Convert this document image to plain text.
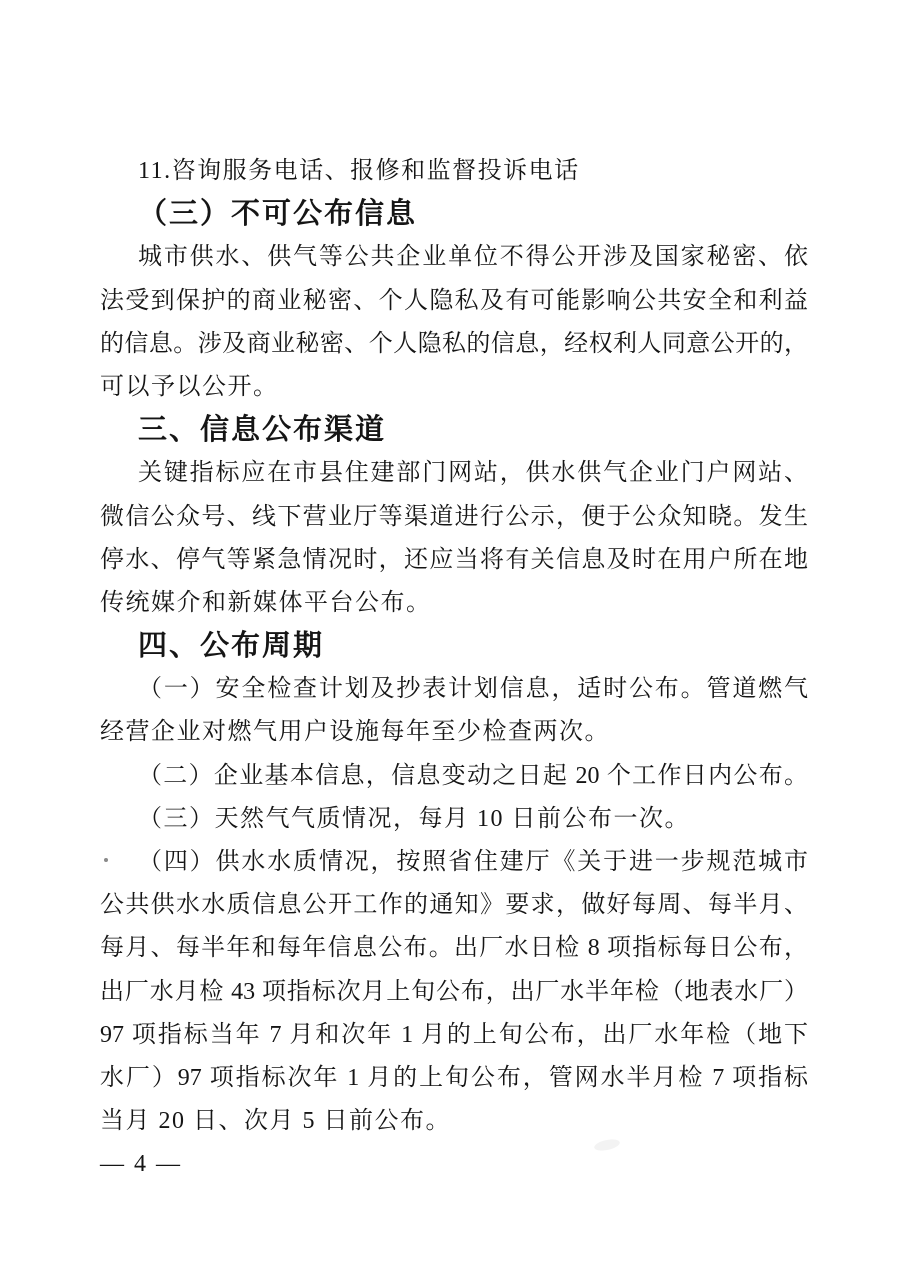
11.咨询服务电话、报修和监督投诉电话
（三）不可公布信息
城市供水、供气等公共企业单位不得公开涉及国家秘密、依
法受到保护的商业秘密、个人隐私及有可能影响公共安全和利益
的信息。涉及商业秘密、个人隐私的信息，经权利人同意公开的，
可以予以公开。
三、信息公布渠道
关键指标应在市县住建部门网站，供水供气企业门户网站、
微信公众号、线下营业厅等渠道进行公示，便于公众知晓。发生
停水、停气等紧急情况时，还应当将有关信息及时在用户所在地
传统媒介和新媒体平台公布。
四、公布周期
（一）安全检查计划及抄表计划信息，适时公布。管道燃气
经营企业对燃气用户设施每年至少检查两次。
（二）企业基本信息，信息变动之日起 20 个工作日内公布。
（三）天然气气质情况，每月 10 日前公布一次。
（四）供水水质情况，按照省住建厅《关于进一步规范城市
公共供水水质信息公开工作的通知》要求，做好每周、每半月、
每月、每半年和每年信息公布。出厂水日检 8 项指标每日公布，
出厂水月检 43 项指标次月上旬公布，出厂水半年检（地表水厂）
97 项指标当年 7 月和次年 1 月的上旬公布，出厂水年检（地下
水厂）97 项指标次年 1 月的上旬公布，管网水半月检 7 项指标
当月 20 日、次月 5 日前公布。
— 4 —
